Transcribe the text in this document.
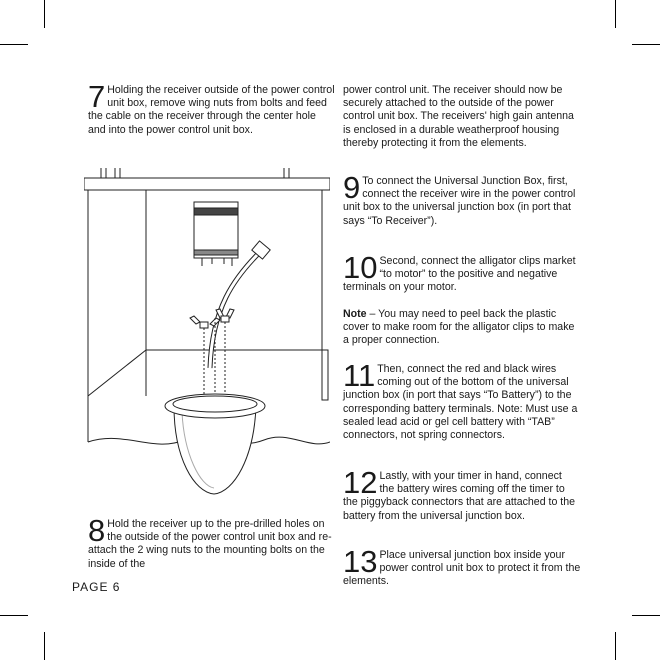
7 Holding the receiver outside of the power control unit box, remove wing nuts from bolts and feed the cable on the receiver through the center hole and into the power control unit box.

8 Hold the receiver up to the pre-drilled holes on the outside of the power control unit box and re-attach the 2 wing nuts to the mounting bolts on the inside of the

power control unit. The receiver should now be securely attached to the outside of the power control unit box. The receivers' high gain antenna is enclosed in a durable weatherproof housing thereby protecting it from the elements.

9 To connect the Universal Junction Box, first, connect the receiver wire in the power control unit box to the universal junction box (in port that says “To Receiver”).

10 Second, connect the alligator clips market “to motor” to the positive and negative terminals on your motor.

Note – You may need to peel back the plastic cover to make room for the alligator clips to make a proper connection.
11 Then, connect the red and black wires coming out of the bottom of the universal junction box (in port that says “To Battery”) to the corresponding battery terminals. Note: Must use a sealed lead acid or gel cell battery with “TAB” connectors, not spring connectors.

12 Lastly, with your timer in hand, connect the battery wires coming off the timer to the piggyback connectors that are attached to the battery from the universal junction box.

13 Place universal junction box inside your power control unit box to protect it from the elements.

PAGE 6
